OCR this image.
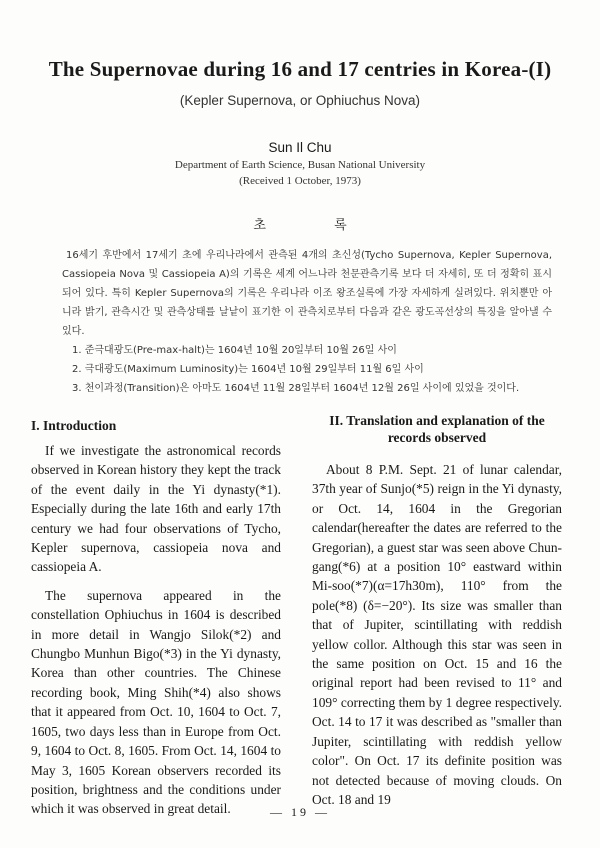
The Supernovae during 16 and 17 centries in Korea-(I)
(Kepler Supernova, or Ophiuchus Nova)
Sun Il Chu
Department of Earth Science, Busan National University
(Received 1 October, 1973)
초 록
16세기 후반에서 17세기 초에 우리나라에서 관측된 4개의 초신성(Tycho Supernova, Kepler Supernova, Cassiopeia Nova 및 Cassiopeia A)의 기록은 세계 어느나라 천문관측기록 보다 더 자세히, 또 더 정확히 표시되어 있다. 특히 Kepler Supernova의 기록은 우리나라 이조 왕조실록에 가장 자세하게 실려있다. 위치뿐만 아니라 밝기, 관측시간 및 관측상태를 날낱이 표기한 이 관측치로부터 다음과 같은 광도곡선상의 특징을 알아낼 수 있다.
1. 준극대광도(Pre-max-halt)는 1604년 10월 20일부터 10월 26일 사이
2. 극대광도(Maximum Luminosity)는 1604년 10월 29일부터 11월 6일 사이
3. 천이과정(Transition)은 아마도 1604년 11월 28일부터 1604년 12월 26일 사이에 있었을 것이다.
I. Introduction

If we investigate the astronomical records observed in Korean history they kept the track of the event daily in the Yi dynasty(*1). Especially during the late 16th and early 17th century we had four observations of Tycho, Kepler supernova, cassiopeia nova and cassiopeia A.

The supernova appeared in the constellation Ophiuchus in 1604 is described in more detail in Wangjo Silok(*2) and Chungbo Munhun Bigo(*3) in the Yi dynasty, Korea than other countries. The Chinese recording book, Ming Shih(*4) also shows that it appeared from Oct. 10, 1604 to Oct. 7, 1605, two days less than in Europe from Oct. 9, 1604 to Oct. 8, 1605. From Oct. 14, 1604 to May 3, 1605 Korean observers recorded its position, brightness and the conditions under which it was observed in great detail.

II. Translation and explanation of the records observed

About 8 P.M. Sept. 21 of lunar calendar, 37th year of Sunjo(*5) reign in the Yi dynasty, or Oct. 14, 1604 in the Gregorian calendar(hereafter the dates are referred to the Gregorian), a guest star was seen above Chun-gang(*6) at a position 10° eastward within Mi-soo(*7)(α=17h30m), 110° from the pole(*8) (δ=−20°). Its size was smaller than that of Jupiter, scintillating with reddish yellow collor. Although this star was seen in the same position on Oct. 15 and 16 the original report had been revised to 11° and 109° correcting them by 1 degree respectively. Oct. 14 to 17 it was described as "smaller than Jupiter, scintillating with reddish yellow color". On Oct. 17 its definite position was not detected because of moving clouds. On Oct. 18 and 19

— 19 —
